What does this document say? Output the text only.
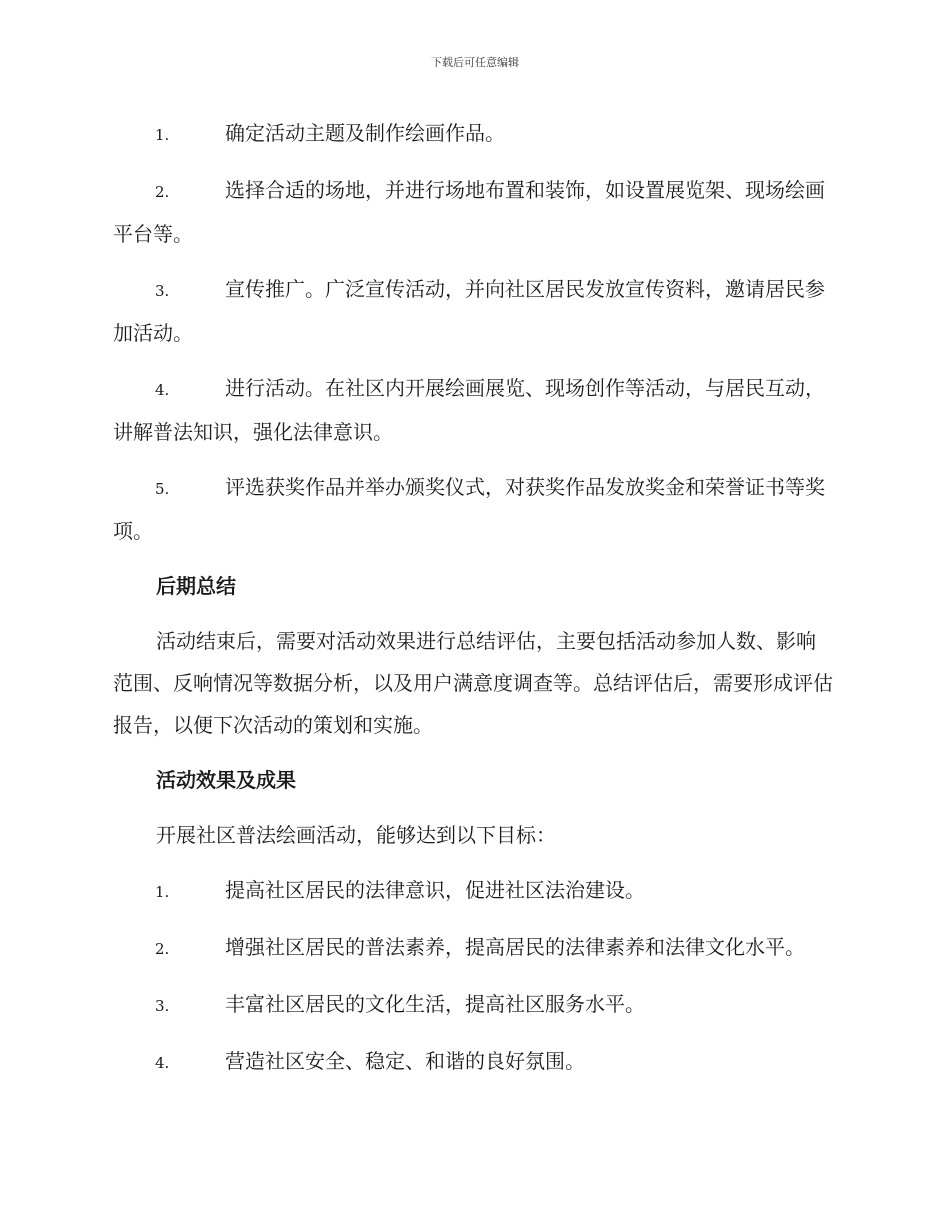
下载后可任意编辑
1.	确定活动主题及制作绘画作品。
2.	选择合适的场地，并进行场地布置和装饰，如设置展览架、现场绘画平台等。
3.	宣传推广。广泛宣传活动，并向社区居民发放宣传资料，邀请居民参加活动。
4.	进行活动。在社区内开展绘画展览、现场创作等活动，与居民互动，讲解普法知识，强化法律意识。
5.	评选获奖作品并举办颁奖仪式，对获奖作品发放奖金和荣誉证书等奖项。
后期总结
活动结束后，需要对活动效果进行总结评估，主要包括活动参加人数、影响范围、反响情况等数据分析，以及用户满意度调查等。总结评估后，需要形成评估报告，以便下次活动的策划和实施。
活动效果及成果
开展社区普法绘画活动，能够达到以下目标：
1.	提高社区居民的法律意识，促进社区法治建设。
2.	增强社区居民的普法素养，提高居民的法律素养和法律文化水平。
3.	丰富社区居民的文化生活，提高社区服务水平。
4.	营造社区安全、稳定、和谐的良好氛围。
